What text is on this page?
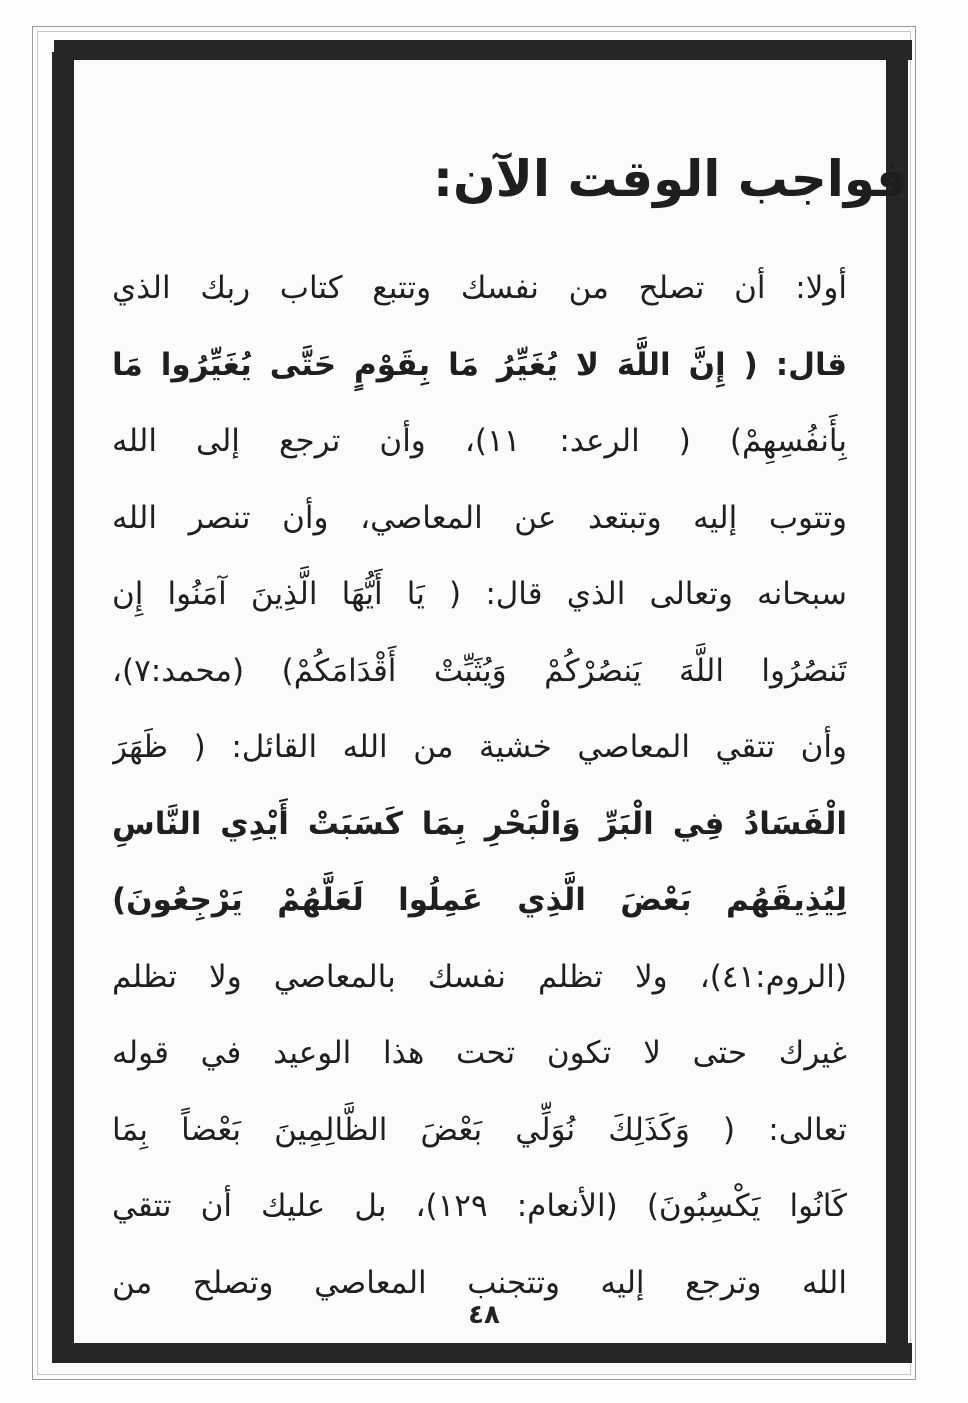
فواجب الوقت الآن:
أولا: أن تصلح من نفسك وتتبع كتاب ربك الذي
قال: ( إِنَّ اللَّهَ لا يُغَيِّرُ مَا بِقَوْمٍ حَتَّى يُغَيِّرُوا مَا
بِأَنفُسِهِمْ) ( الرعد: ١١)، وأن ترجع إلى الله
وتتوب إليه وتبتعد عن المعاصي، وأن تنصر الله
سبحانه وتعالى الذي قال: ( يَا أَيُّهَا الَّذِينَ آمَنُوا إِن
تَنصُرُوا اللَّهَ يَنصُرْكُمْ وَيُثَبِّتْ أَقْدَامَكُمْ) (محمد:٧)،
وأن تتقي المعاصي خشية من الله القائل: ( ظَهَرَ
الْفَسَادُ فِي الْبَرِّ وَالْبَحْرِ بِمَا كَسَبَتْ أَيْدِي النَّاسِ
لِيُذِيقَهُم بَعْضَ الَّذِي عَمِلُوا لَعَلَّهُمْ يَرْجِعُونَ)
(الروم:٤١)، ولا تظلم نفسك بالمعاصي ولا تظلم
غيرك حتى لا تكون تحت هذا الوعيد في قوله
تعالى: ( وَكَذَلِكَ نُوَلِّي بَعْضَ الظَّالِمِينَ بَعْضاً بِمَا
كَانُوا يَكْسِبُونَ) (الأنعام: ١٢٩)، بل عليك أن تتقي
الله وترجع إليه وتتجنب المعاصي وتصلح من
٤٨
